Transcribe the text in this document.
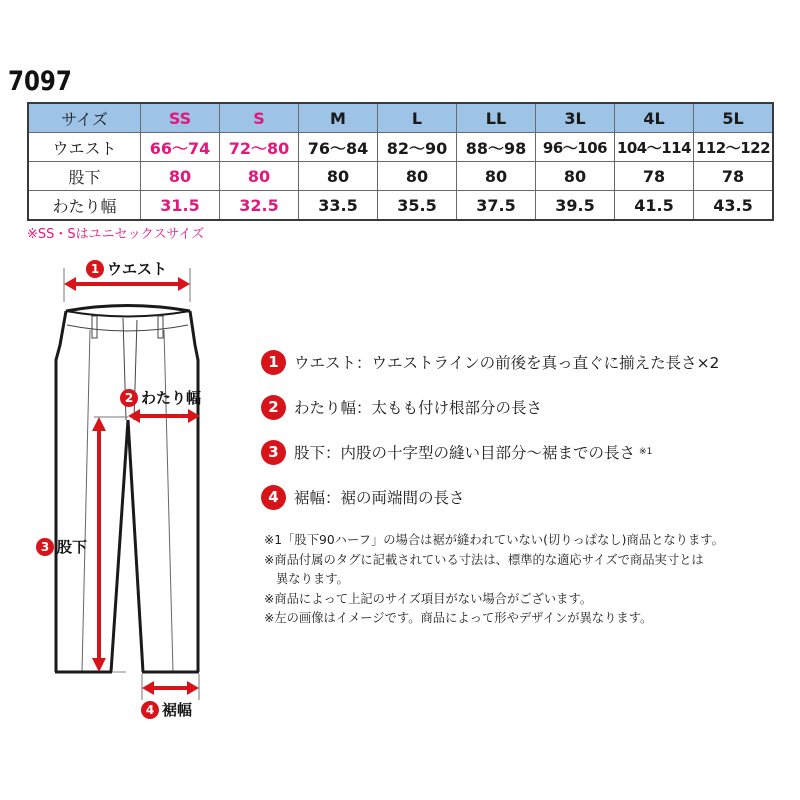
7097
サイズ	SS	S	M	L	LL	3L	4L	5L
ウエスト	66〜74	72〜80	76〜84	82〜90	88〜98	96〜106	104〜114	112〜122
股下	80	80	80	80	80	80	78	78
わたり幅	31.5	32.5	33.5	35.5	37.5	39.5	41.5	43.5
※SS・Sはユニセックスサイズ
1 ウエスト
2 わたり幅
3 股下
4 裾幅
1 ウエスト ： ウエストラインの前後を真っ直ぐに揃えた長さ×2
2 わたり幅 ： 太もも付け根部分の長さ
3 股下 ： 内股の十字型の縫い目部分〜裾までの長さ ※1
4 裾幅 ： 裾の両端間の長さ
※1「股下90ハーフ」の場合は裾が縫われていない(切りっぱなし)商品となります。
※商品付属のタグに記載されている寸法は、標準的な適応サイズで商品実寸とは
異なります。
※商品によって上記のサイズ項目がない場合がございます。
※左の画像はイメージです。商品によって形やデザインが異なります。
